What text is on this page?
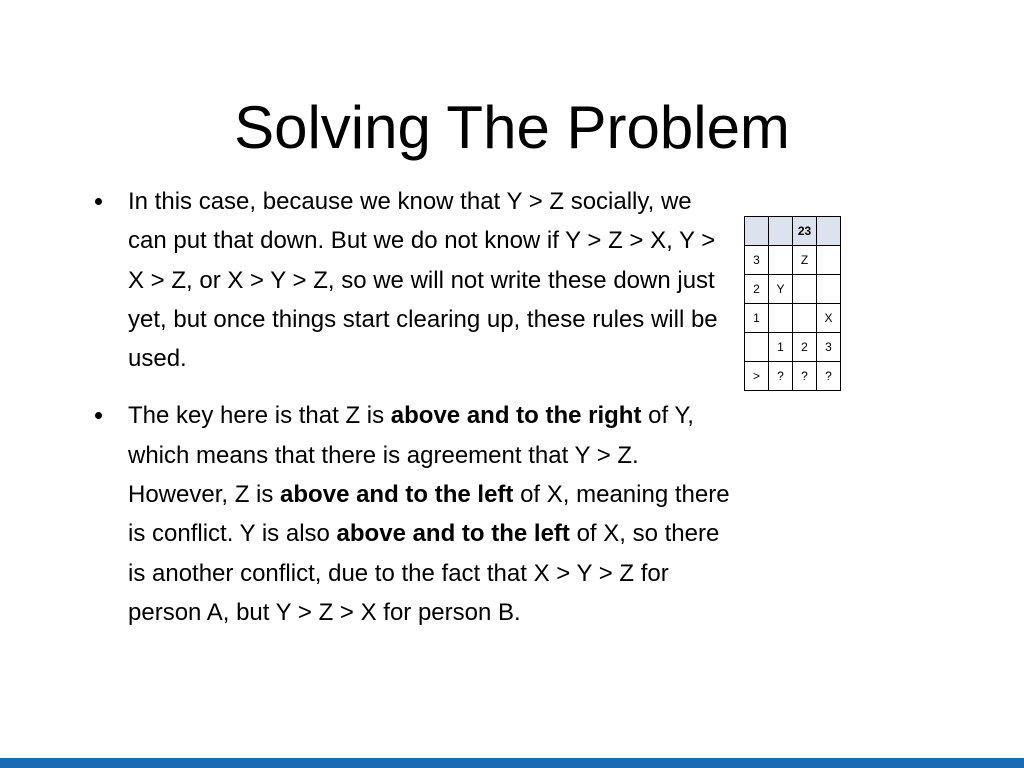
Solving The Problem
In this case, because we know that Y > Z socially, we can put that down. But we do not know if Y > Z > X, Y > X > Z, or X > Y > Z, so we will not write these down just yet, but once things start clearing up, these rules will be used.
The key here is that Z is above and to the right of Y, which means that there is agreement that Y > Z. However, Z is above and to the left of X, meaning there is conflict. Y is also above and to the left of X, so there is another conflict, due to the fact that X > Y > Z for person A, but Y > Z > X for person B.
		23	
3		Z	
2	Y		
1			X
	1	2	3
>	?	?	?
